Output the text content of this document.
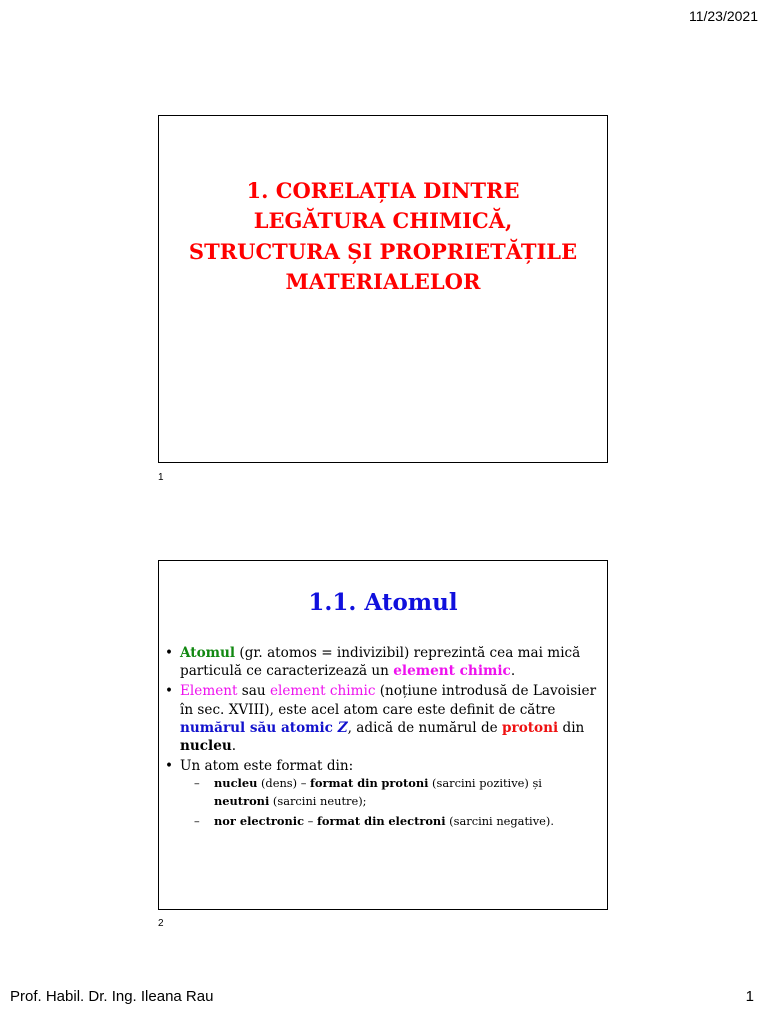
11/23/2021
1. CORELAȚIA DINTRE
LEGĂTURA CHIMICĂ,
STRUCTURA ȘI PROPRIETĂȚILE
MATERIALELOR
1
1.1. Atomul
• Atomul (gr. atomos = indivizibil) reprezintă cea mai mică particulă ce caracterizează un element chimic.
• Element sau element chimic (noțiune introdusă de Lavoisier în sec. XVIII), este acel atom care este definit de către numărul său atomic Z, adică de numărul de protoni din nucleu.
• Un atom este format din:
– nucleu (dens) – format din protoni (sarcini pozitive) și neutroni (sarcini neutre);
– nor electronic – format din electroni (sarcini negative).
2
Prof. Habil. Dr. Ing. Ileana Rau	1
